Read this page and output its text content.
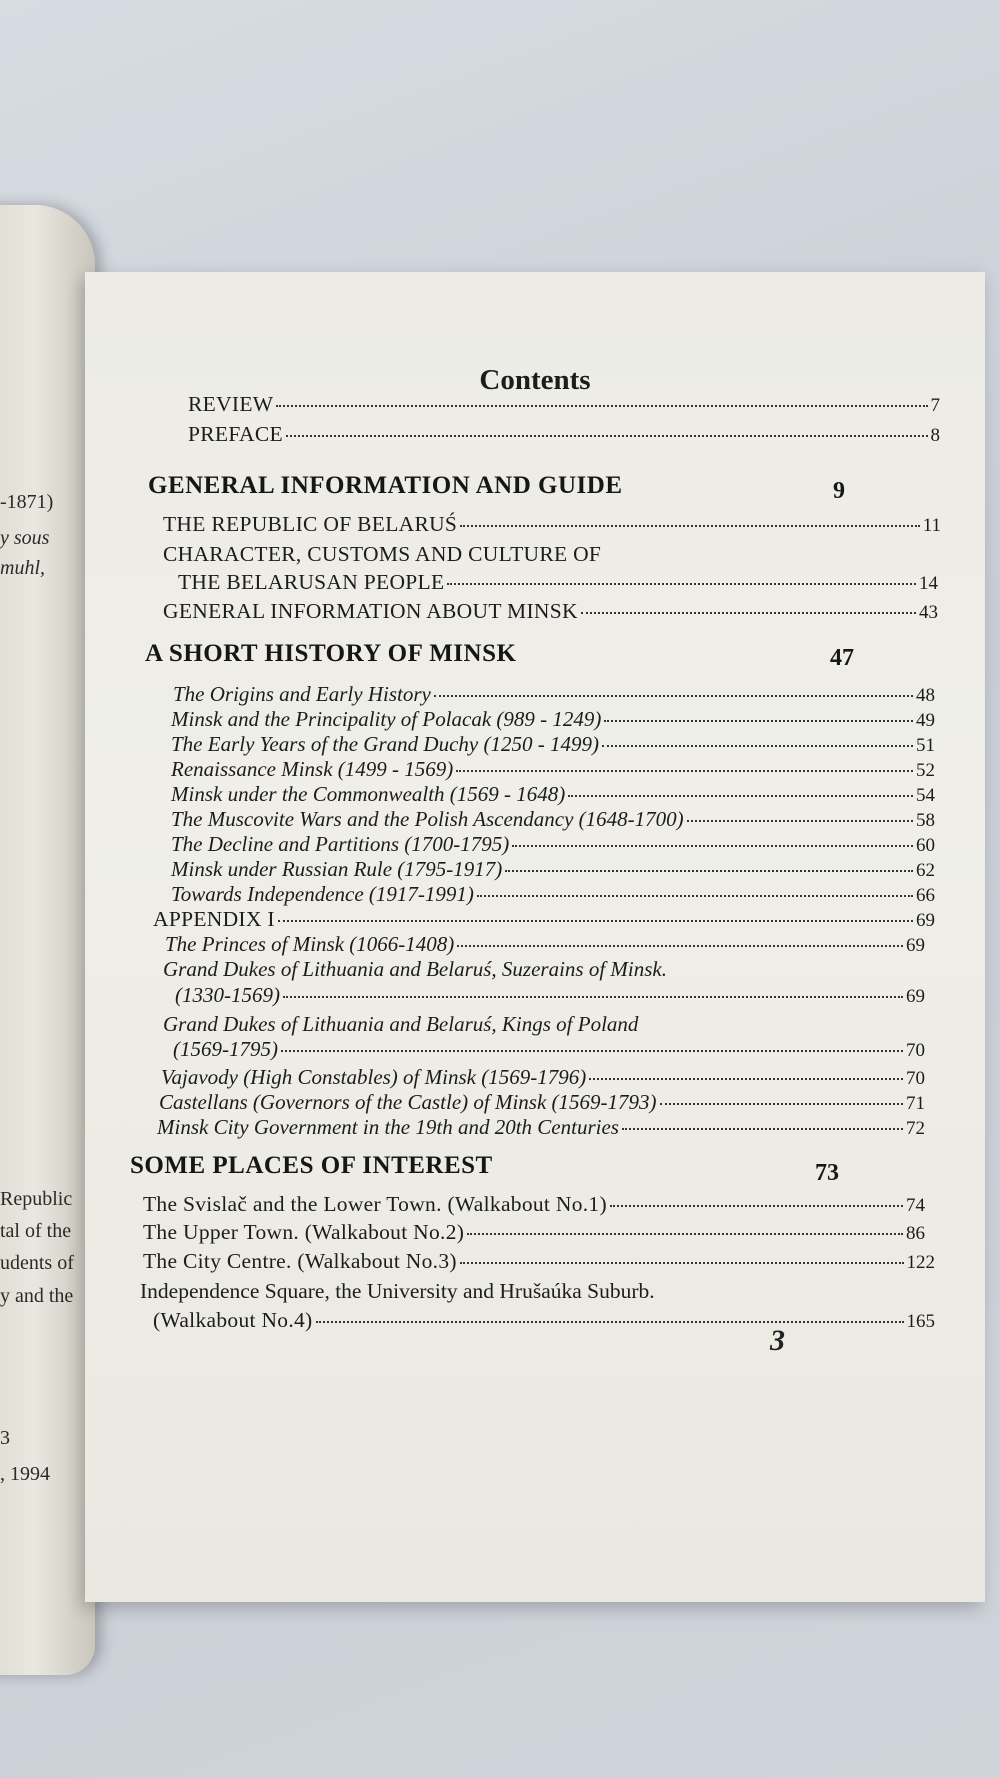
-1871)
y sous
muhl,
Republic
tal of the
udents of
y and the
3
, 1994
Contents
REVIEW	7
PREFACE	8
GENERAL INFORMATION AND GUIDE	9
THE REPUBLIC OF BELARUŚ	11
CHARACTER, CUSTOMS AND CULTURE OF
THE BELARUSAN PEOPLE	14
GENERAL INFORMATION ABOUT MINSK	43
A SHORT HISTORY OF MINSK	47
The Origins and Early History	48
Minsk and the Principality of Polacak (989 - 1249)	49
The Early Years of the Grand Duchy (1250 - 1499)	51
Renaissance Minsk (1499 - 1569)	52
Minsk under the Commonwealth (1569 - 1648)	54
The Muscovite Wars and the Polish Ascendancy (1648-1700)	58
The Decline and Partitions (1700-1795)	60
Minsk under Russian Rule (1795-1917)	62
Towards Independence (1917-1991)	66
APPENDIX I	69
The Princes of Minsk (1066-1408)	69
Grand Dukes of Lithuania and Belaruś, Suzerains of Minsk.
(1330-1569)	69
Grand Dukes of Lithuania and Belaruś, Kings of Poland
(1569-1795)	70
Vajavody (High Constables) of Minsk (1569-1796)	70
Castellans (Governors of the Castle) of Minsk (1569-1793)	71
Minsk City Government in the 19th and 20th Centuries	72
SOME PLACES OF INTEREST	73
The Svislač and the Lower Town. (Walkabout No.1)	74
The Upper Town. (Walkabout No.2)	86
The City Centre. (Walkabout No.3)	122
Independence Square, the University and Hrušaúka Suburb.
(Walkabout No.4)	165
3
